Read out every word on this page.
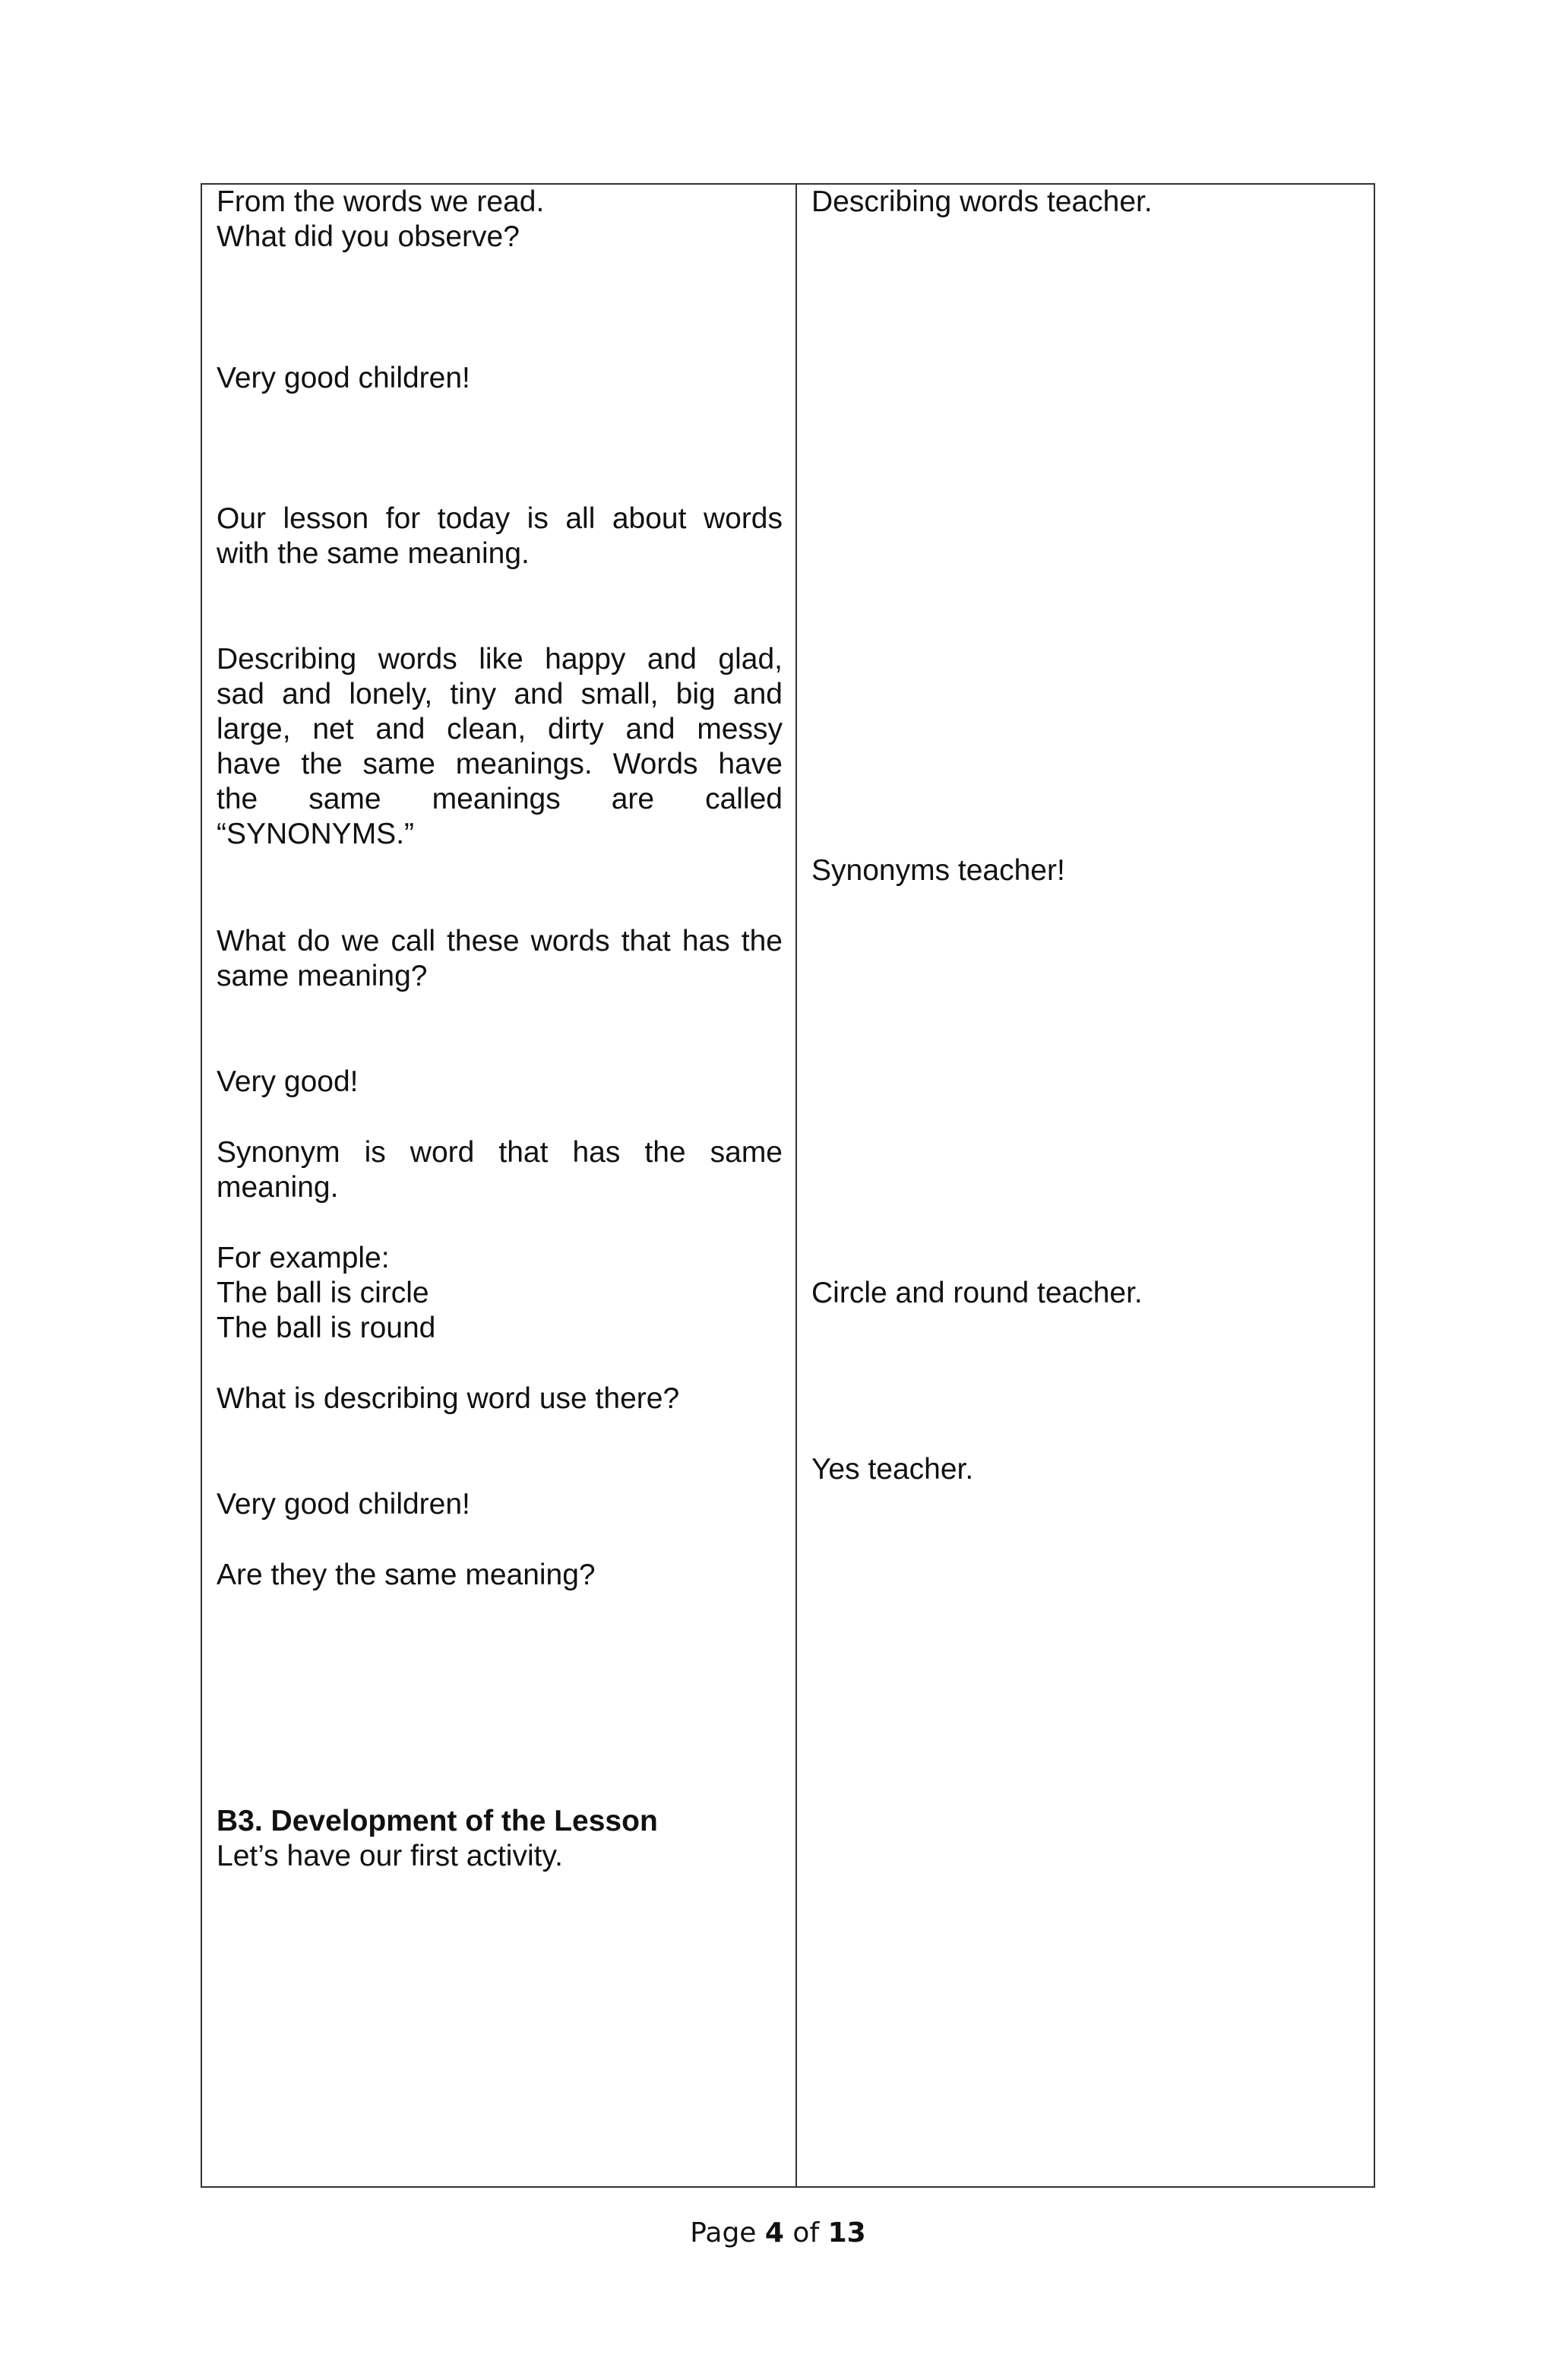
From the words we read.
What did you observe?
Very good children!
Our lesson for today is all about words
with the same meaning.
Describing words like happy and glad,
sad and lonely, tiny and small, big and
large, net and clean, dirty and messy
have the same meanings. Words have
the same meanings are called
“SYNONYMS.”
What do we call these words that has the
same meaning?
Very good!
Synonym is word that has the same
meaning.
For example:
The ball is circle
The ball is round
What is describing word use there?
Very good children!
Are they the same meaning?
B3. Development of the Lesson
Let’s have our first activity.
Describing words teacher.
Synonyms teacher!
Circle and round teacher.
Yes teacher.
Page 4 of 13
